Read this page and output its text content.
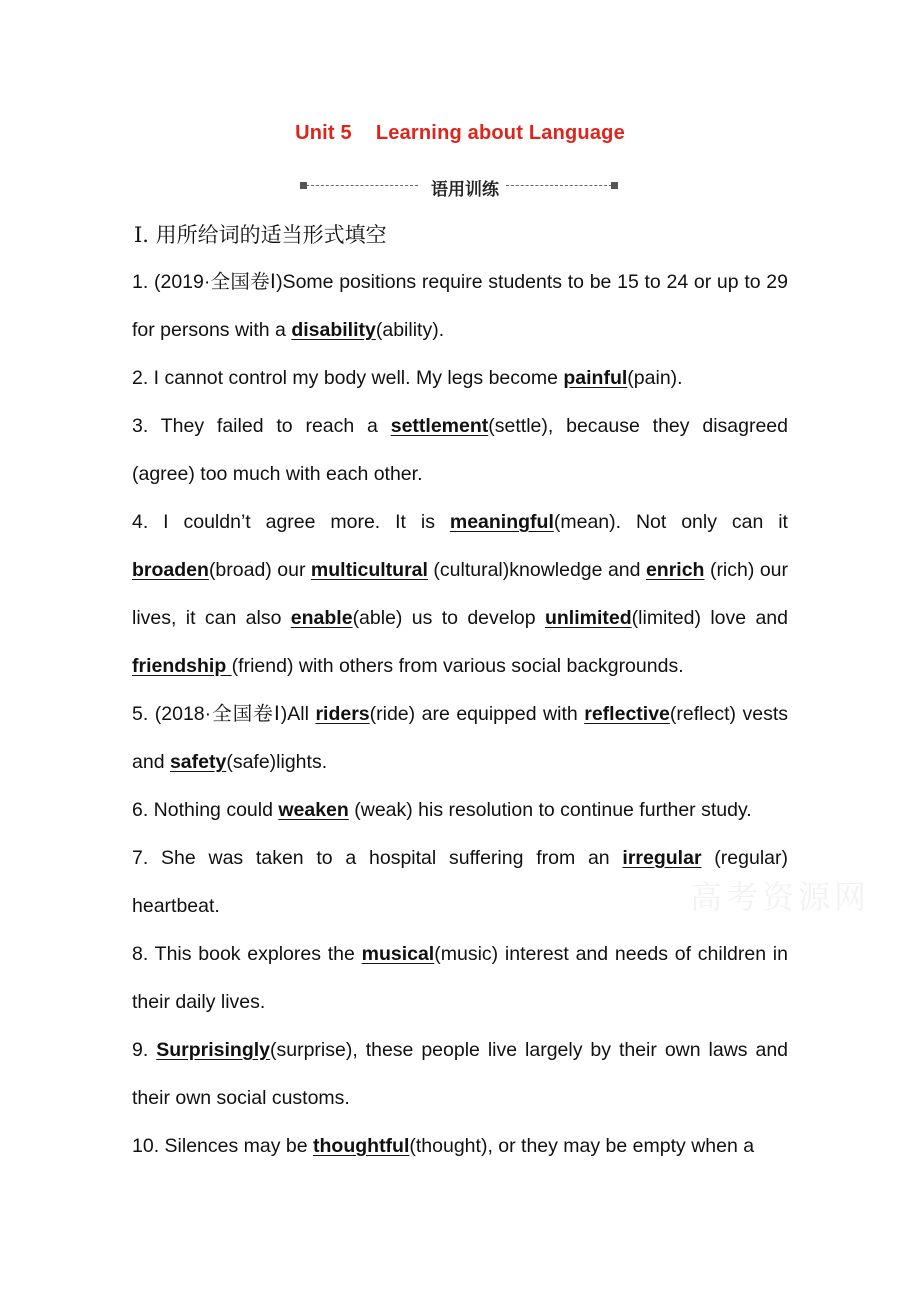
Unit 5 Learning about Language
语用训练
Ⅰ. 用所给词的适当形式填空

1. (2019·全国卷Ⅰ)Some positions require students to be 15 to 24 or up to 29 for persons with a disability(ability).

2. I cannot control my body well. My legs become painful(pain).

3. They failed to reach a settlement(settle), because they disagreed (agree) too much with each other.

4. I couldn’t agree more. It is meaningful(mean). Not only can it broaden(broad) our multicultural (cultural)knowledge and enrich (rich) our lives, it can also enable(able) us to develop unlimited(limited) love and friendship (friend) with others from various social backgrounds.

5. (2018·全国卷Ⅰ)All riders(ride) are equipped with reflective(reflect) vests and safety(safe)lights.

6. Nothing could weaken (weak) his resolution to continue further study.

7. She was taken to a hospital suffering from an irregular (regular) heartbeat.

8. This book explores the musical(music) interest and needs of children in their daily lives.

9. Surprisingly(surprise), these people live largely by their own laws and their own social customs.

10. Silences may be thoughtful(thought), or they may be empty when a

高考资源网
